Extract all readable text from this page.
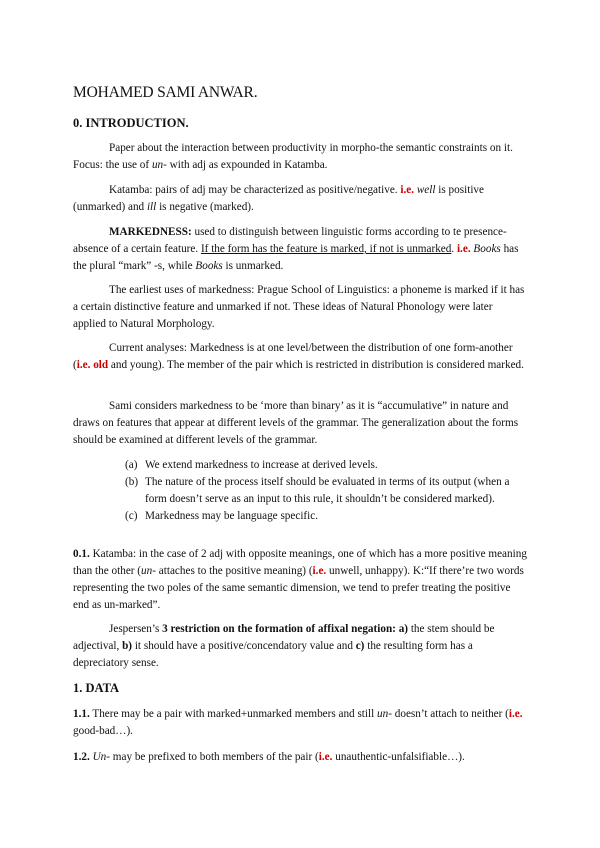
MOHAMED SAMI ANWAR.
0. INTRODUCTION.

Paper about the interaction between productivity in morpho-the semantic constraints on it. Focus: the use of un- with adj as expounded in Katamba.

Katamba: pairs of adj may be characterized as positive/negative. i.e. well is positive (unmarked) and ill is negative (marked).

MARKEDNESS: used to distinguish between linguistic forms according to te presence-absence of a certain feature. If the form has the feature is marked, if not is unmarked. i.e. Books has the plural “mark” -s, while Books is unmarked.

The earliest uses of markedness: Prague School of Linguistics: a phoneme is marked if it has a certain distinctive feature and unmarked if not. These ideas of Natural Phonology were later applied to Natural Morphology.

Current analyses: Markedness is at one level/between the distribution of one form-another (i.e. old and young). The member of the pair which is restricted in distribution is considered marked.

Sami considers markedness to be ‘more than binary’ as it is “accumulative” in nature and draws on features that appear at different levels of the grammar. The generalization about the forms should be examined at different levels of the grammar.

(a) We extend markedness to increase at derived levels.
(b) The nature of the process itself should be evaluated in terms of its output (when a form doesn’t serve as an input to this rule, it shouldn’t be considered marked).
(c) Markedness may be language specific.

0.1. Katamba: in the case of 2 adj with opposite meanings, one of which has a more positive meaning than the other (un- attaches to the positive meaning) (i.e. unwell, unhappy). K:“If there’re two words representing the two poles of the same semantic dimension, we tend to prefer treating the positive end as un-marked”.

Jespersen’s 3 restriction on the formation of affixal negation: a) the stem should be adjectival, b) it should have a positive/concendatory value and c) the resulting form has a depreciatory sense.

1. DATA

1.1. There may be a pair with marked+unmarked members and still un- doesn’t attach to neither (i.e. good-bad…).

1.2. Un- may be prefixed to both members of the pair (i.e. unauthentic-unfalsifiable…).
